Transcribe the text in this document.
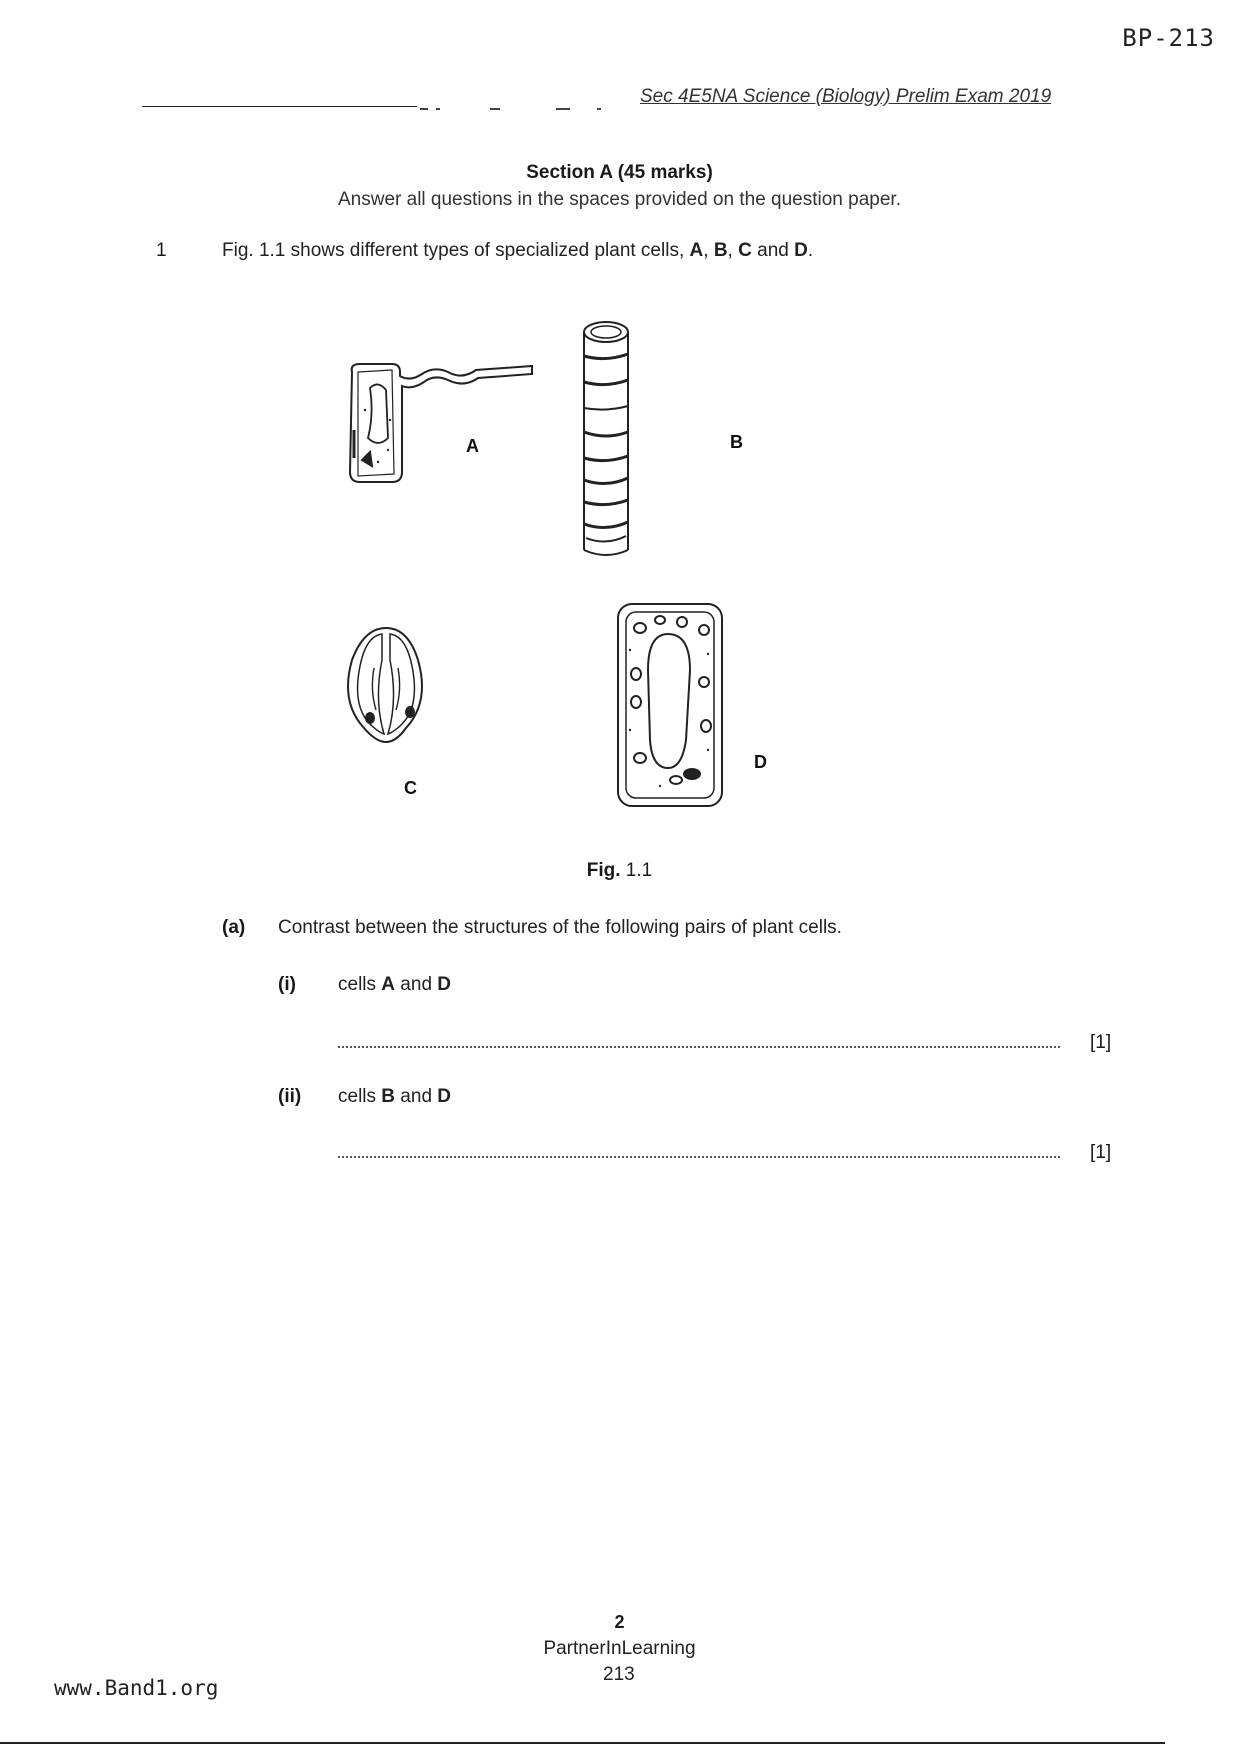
BP-213
Sec 4E5NA Science (Biology) Prelim Exam 2019
Section A (45 marks)
Answer all questions in the spaces provided on the question paper.
1	Fig. 1.1 shows different types of specialized plant cells, A, B, C and D.
A	B
C
D
Fig. 1.1
(a) Contrast between the structures of the following pairs of plant cells.
(i) cells A and D
[1]
(ii) cells B and D
[1]
2
PartnerInLearning
213
www.Band1.org
